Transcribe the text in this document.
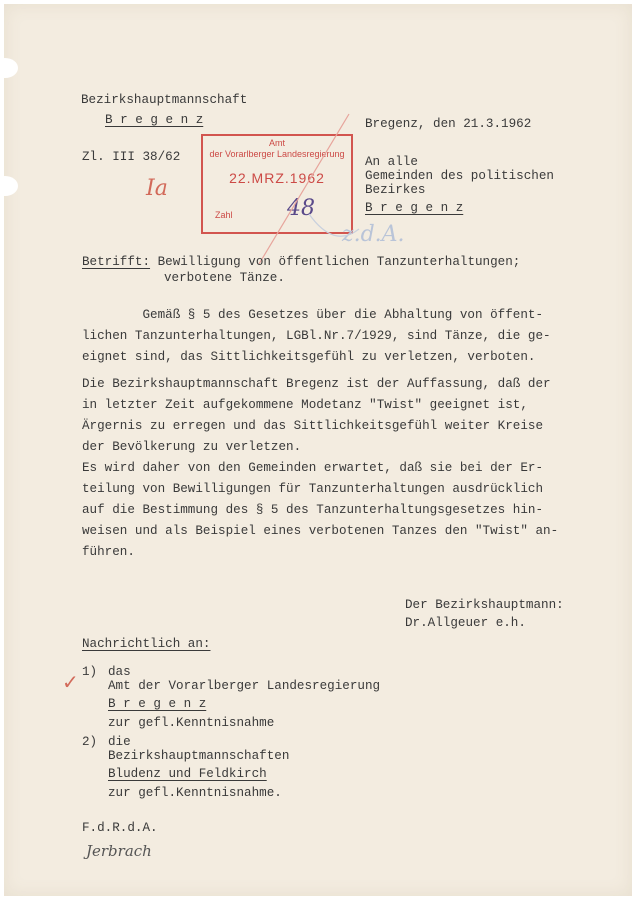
Bezirkshauptmannschaft
B r e g e n z
Zl. III 38/62
Bregenz, den 21.3.1962
An alle
Gemeinden des politischen
Bezirkes
B r e g e n z
Amt
der Vorarlberger Landesregierung
22.MRZ.1962
Zahl 48
Ia
z.d.A.
Betrifft: Bewilligung von öffentlichen Tanzunterhaltungen;
verbotene Tänze.
Gemäß § 5 des Gesetzes über die Abhaltung von öffent-
lichen Tanzunterhaltungen, LGBl.Nr.7/1929, sind Tänze, die ge-
eignet sind, das Sittlichkeitsgefühl zu verletzen, verboten.
Die Bezirkshauptmannschaft Bregenz ist der Auffassung, daß der
in letzter Zeit aufgekommene Modetanz "Twist" geeignet ist,
Ärgernis zu erregen und das Sittlichkeitsgefühl weiter Kreise
der Bevölkerung zu verletzen.
Es wird daher von den Gemeinden erwartet, daß sie bei der Er-
teilung von Bewilligungen für Tanzunterhaltungen ausdrücklich
auf die Bestimmung des § 5 des Tanzunterhaltungsgesetzes hin-
weisen und als Beispiel eines verbotenen Tanzes den "Twist" an-
führen.
Der Bezirkshauptmann:
Dr.Allgeuer e.h.
Nachrichtlich an:
1) das
Amt der Vorarlberger Landesregierung
B r e g e n z
zur gefl.Kenntnisnahme
✓
2) die
Bezirkshauptmannschaften
Bludenz und Feldkirch
zur gefl.Kenntnisnahme.
F.d.R.d.A.
Jerbrach
